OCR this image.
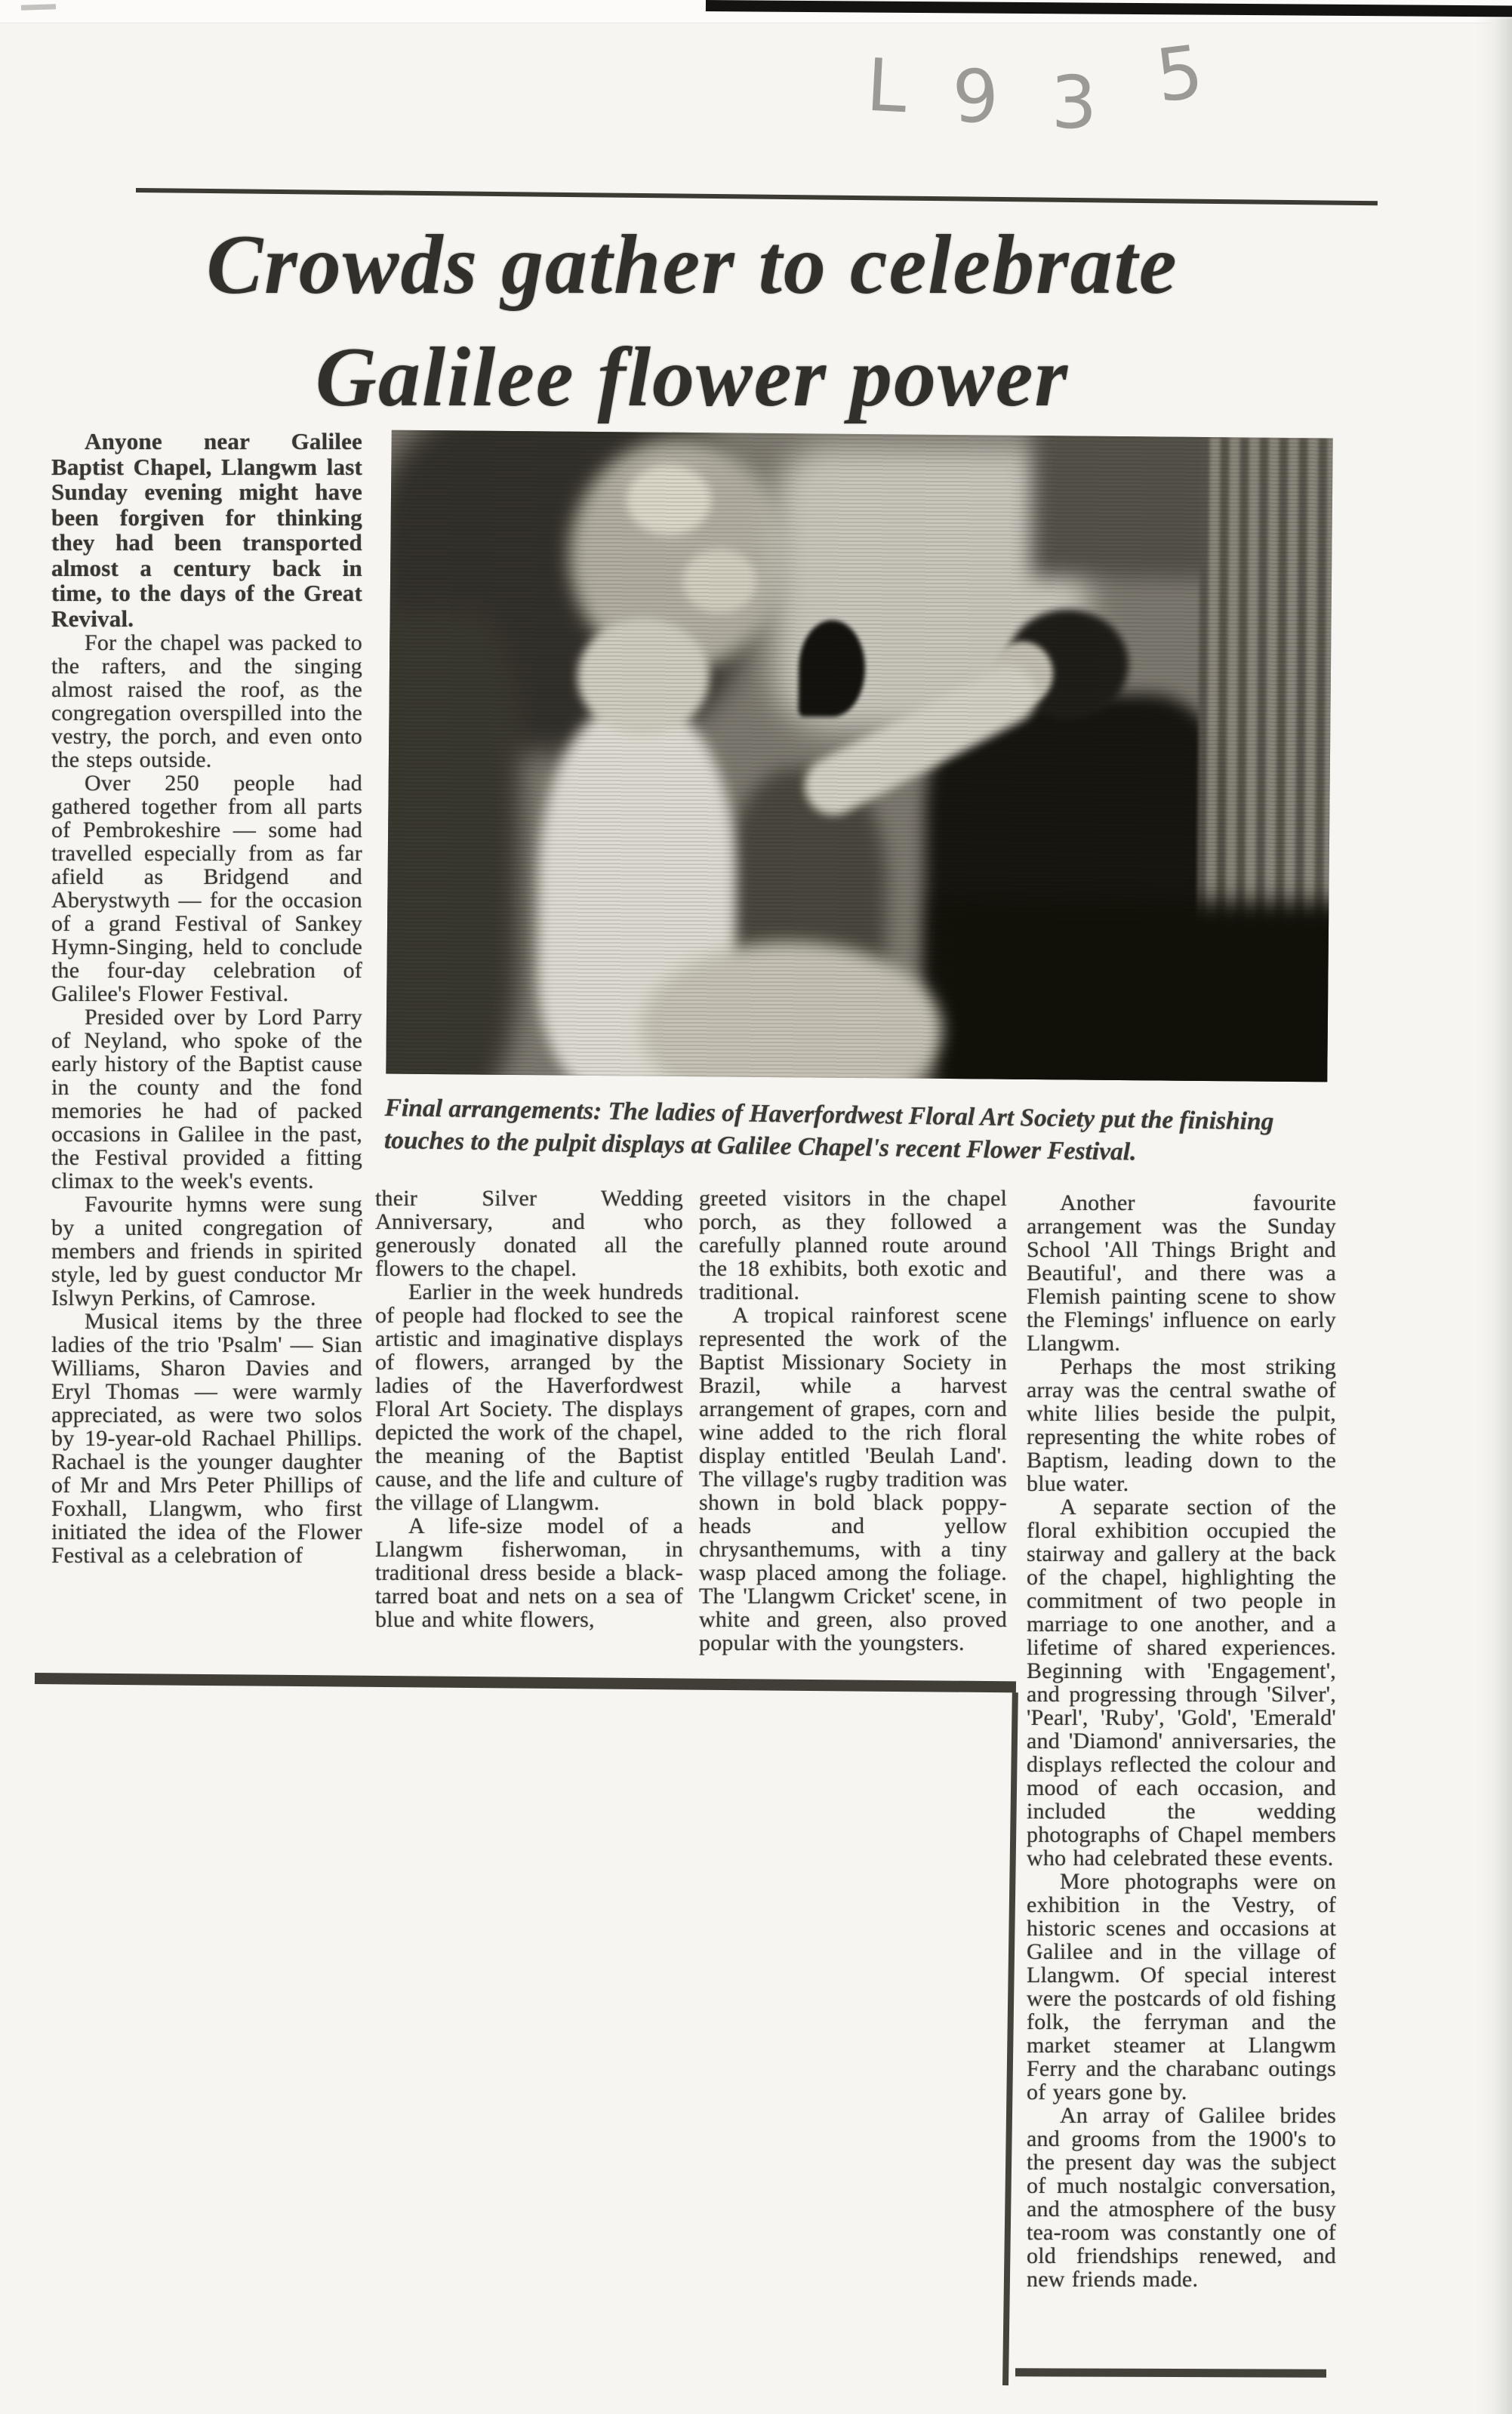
L 9 3 5
Crowds gather to celebrate
Galilee flower power
Final arrangements: The ladies of Haverfordwest Floral Art Society put the finishing touches to the pulpit displays at Galilee Chapel's recent Flower Festival.

Anyone near Galilee Baptist Chapel, Llangwm last Sunday evening might have been forgiven for thinking they had been transported almost a century back in time, to the days of the Great Revival.

For the chapel was packed to the rafters, and the singing almost raised the roof, as the congregation overspilled into the vestry, the porch, and even onto the steps outside.

Over 250 people had gathered together from all parts of Pembrokeshire — some had travelled especially from as far afield as Bridgend and Aberystwyth — for the occasion of a grand Festival of Sankey Hymn-Singing, held to conclude the four-day celebration of Galilee's Flower Festival.

Presided over by Lord Parry of Neyland, who spoke of the early history of the Baptist cause in the county and the fond memories he had of packed occasions in Galilee in the past, the Festival provided a fitting climax to the week's events.

Favourite hymns were sung by a united congregation of members and friends in spirited style, led by guest conductor Mr Islwyn Perkins, of Camrose.

Musical items by the three ladies of the trio 'Psalm' — Sian Williams, Sharon Davies and Eryl Thomas — were warmly appreciated, as were two solos by 19-year-old Rachael Phillips. Rachael is the younger daughter of Mr and Mrs Peter Phillips of Foxhall, Llangwm, who first initiated the idea of the Flower Festival as a celebration of

their Silver Wedding Anniversary, and who generously donated all the flowers to the chapel.

Earlier in the week hundreds of people had flocked to see the artistic and imaginative displays of flowers, arranged by the ladies of the Haverfordwest Floral Art Society. The displays depicted the work of the chapel, the meaning of the Baptist cause, and the life and culture of the village of Llangwm.

A life-size model of a Llangwm fisherwoman, in traditional dress beside a black-tarred boat and nets on a sea of blue and white flowers,

greeted visitors in the chapel porch, as they followed a carefully planned route around the 18 exhibits, both exotic and traditional.

A tropical rainforest scene represented the work of the Baptist Missionary Society in Brazil, while a harvest arrangement of grapes, corn and wine added to the rich floral display entitled 'Beulah Land'. The village's rugby tradition was shown in bold black poppy-heads and yellow chrysanthemums, with a tiny wasp placed among the foliage. The 'Llangwm Cricket' scene, in white and green, also proved popular with the youngsters.

Another favourite arrangement was the Sunday School 'All Things Bright and Beautiful', and there was a Flemish painting scene to show the Flemings' influence on early Llangwm.

Perhaps the most striking array was the central swathe of white lilies beside the pulpit, representing the white robes of Baptism, leading down to the blue water.

A separate section of the floral exhibition occupied the stairway and gallery at the back of the chapel, highlighting the commitment of two people in marriage to one another, and a lifetime of shared experiences. Beginning with 'Engagement', and progressing through 'Silver', 'Pearl', 'Ruby', 'Gold', 'Emerald' and 'Diamond' anniversaries, the displays reflected the colour and mood of each occasion, and included the wedding photographs of Chapel members who had celebrated these events.

More photographs were on exhibition in the Vestry, of historic scenes and occasions at Galilee and in the village of Llangwm. Of special interest were the postcards of old fishing folk, the ferryman and the market steamer at Llangwm Ferry and the charabanc outings of years gone by.

An array of Galilee brides and grooms from the 1900's to the present day was the subject of much nostalgic conversation, and the atmosphere of the busy tea-room was constantly one of old friendships renewed, and new friends made.
